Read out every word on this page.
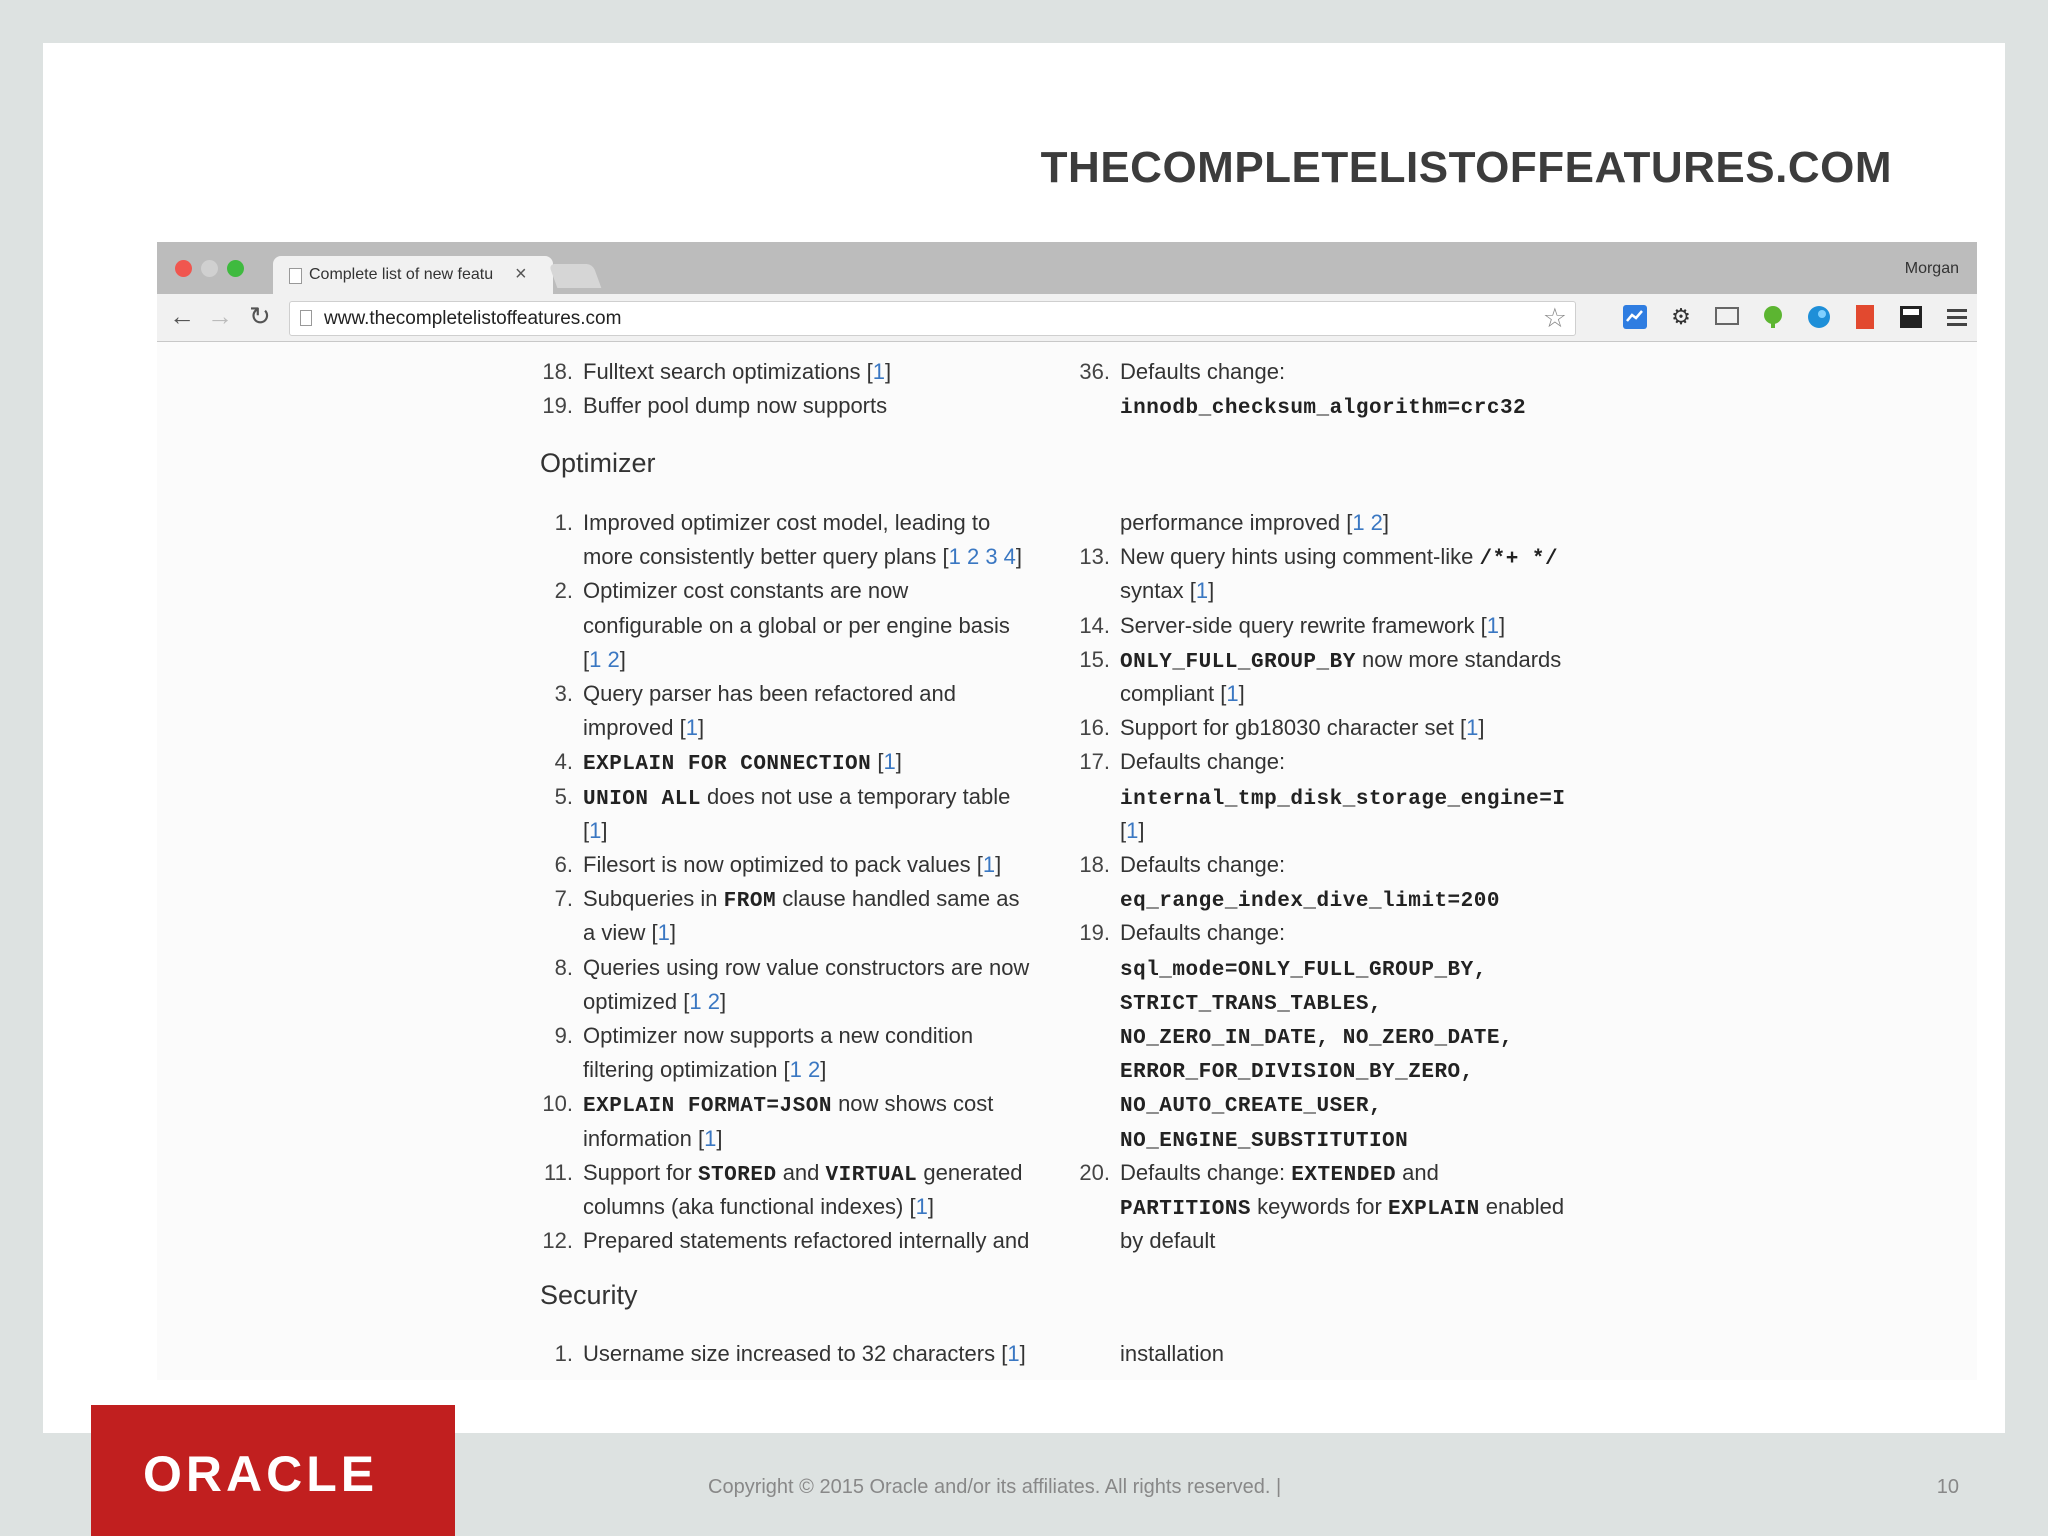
THECOMPLETELISTOFFEATURES.COM
Complete list of new featu ×	Morgan
← → ↻	www.thecompletelistoffeatures.com	☆	⚙
18. Fulltext search optimizations [1]
19. Buffer pool dump now supports
36. Defaults change:
innodb_checksum_algorithm=crc32
Optimizer
1. Improved optimizer cost model, leading to
more consistently better query plans [1 2 3 4]
2. Optimizer cost constants are now
configurable on a global or per engine basis
[1 2]
3. Query parser has been refactored and
improved [1]
4. EXPLAIN FOR CONNECTION [1]
5. UNION ALL does not use a temporary table
[1]
6. Filesort is now optimized to pack values [1]
7. Subqueries in FROM clause handled same as
a view [1]
8. Queries using row value constructors are now
optimized [1 2]
9. Optimizer now supports a new condition
filtering optimization [1 2]
10. EXPLAIN FORMAT=JSON now shows cost
information [1]
11. Support for STORED and VIRTUAL generated
columns (aka functional indexes) [1]
12. Prepared statements refactored internally and
performance improved [1 2]
13. New query hints using comment-like /*+ */
syntax [1]
14. Server-side query rewrite framework [1]
15. ONLY_FULL_GROUP_BY now more standards
compliant [1]
16. Support for gb18030 character set [1]
17. Defaults change:
internal_tmp_disk_storage_engine=I
[1]
18. Defaults change:
eq_range_index_dive_limit=200
19. Defaults change:
sql_mode=ONLY_FULL_GROUP_BY,
STRICT_TRANS_TABLES,
NO_ZERO_IN_DATE, NO_ZERO_DATE,
ERROR_FOR_DIVISION_BY_ZERO,
NO_AUTO_CREATE_USER,
NO_ENGINE_SUBSTITUTION
20. Defaults change: EXTENDED and
PARTITIONS keywords for EXPLAIN enabled
by default
Security
1. Username size increased to 32 characters [1]	installation
ORACLE	Copyright © 2015 Oracle and/or its affiliates. All rights reserved. |	10
